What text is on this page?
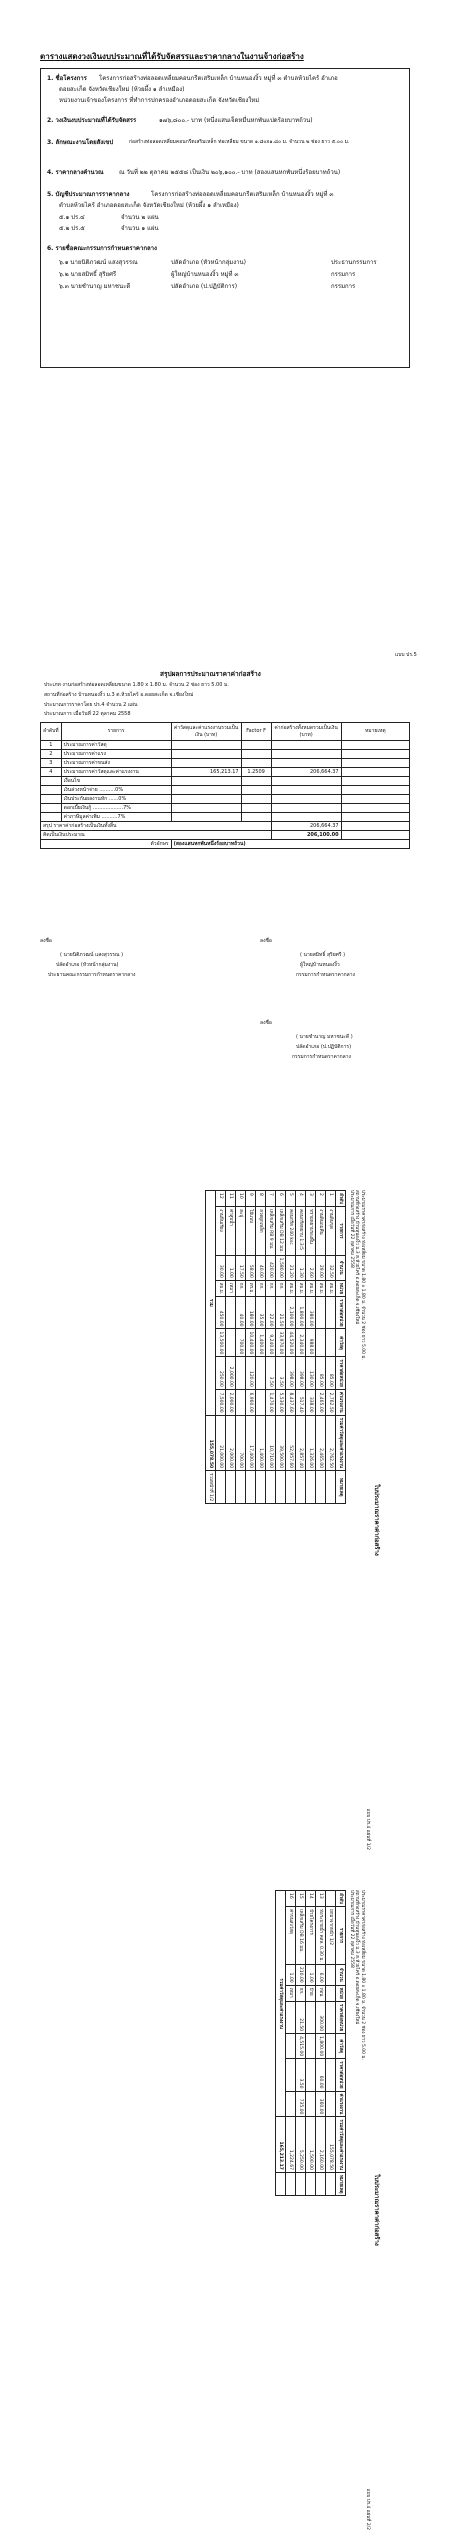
ตารางแสดงวงเงินงบประมาณที่ได้รับจัดสรรและราคากลางในงานจ้างก่อสร้าง
1. ชื่อโครงการ โครงการก่อสร้างท่อลอดเหลี่ยมคอนกรีตเสริมเหล็ก บ้านหนองงิ้ว หมู่ที่ ๓ ตำบลห้วยไคร้ อำเภอ
ดอยสะเก็ด จังหวัดเชียงใหม่ (ห้วยผึ้ง ๑ ลำเหมือง)
หน่วยงานเจ้าของโครงการ ที่ทำการปกครองอำเภอดอยสะเก็ด จังหวัดเชียงใหม่
2. วงเงินงบประมาณที่ได้รับจัดสรร	๑๗๖,๘๐๐.- บาท (หนึ่งแสนเจ็ดหมื่นหกพันแปดร้อยบาทถ้วน)
3. ลักษณะงานโดยสังเขป	ก่อสร้างท่อลอดเหลี่ยมคอนกรีตเสริมเหล็ก ท่อเหลี่ยม ขนาด ๑.๘๐x๑.๘๐ ม. จำนวน ๒ ช่อง ยาว ๕.๐๐ ม.
4. ราคากลางคำนวณ	ณ วันที่ ๒๒ ตุลาคม ๒๕๕๘ เป็นเงิน ๒๐๖,๑๐๐.- บาท (สองแสนหกพันหนึ่งร้อยบาทถ้วน)
5. บัญชีประมาณการราคากลาง	โครงการก่อสร้างท่อลอดเหลี่ยมคอนกรีตเสริมเหล็ก บ้านหนองงิ้ว หมู่ที่ ๓
ตำบลห้วยไคร้ อำเภอดอยสะเก็ด จังหวัดเชียงใหม่ (ห้วยผึ้ง ๑ ลำเหมือง)
๕.๑ ปร.๔	จำนวน ๒ แผ่น
๕.๒ ปร.๕	จำนวน ๑ แผ่น
6. รายชื่อคณะกรรมการกำหนดราคากลาง
๖.๑ นายนิติภวฒน์ แสงสุวรรณ	ปลัดอำเภอ (หัวหน้ากลุ่มงาน)	ประธานกรรมการ
๖.๒ นายสมิทธิ์ สุริยศรี	ผู้ใหญ่บ้านหนองงิ้ว หมู่ที่ ๓	กรรมการ
๖.๓ นายชำนาญ มหาชนะดี	ปลัดอำเภอ (ป.ปฏิบัติการ)	กรรมการ
แบบ ปร.5
สรุปผลการประมาณราคาค่าก่อสร้าง
ประเภท งานก่อสร้างท่อลอดเหลี่ยมขนาด 1.80 x 1.80 ม. จำนวน 2 ช่อง ยาว 5.00 ม.
สถานที่ก่อสร้าง บ้านหนองงิ้ว ม.3 ต.ห้วยไคร้ อ.ดอยสะเก็ด จ.เชียงใหม่
ประมาณการราคาโดย ปร.4 จำนวน 2 แผ่น
ประมาณการ เมื่อวันที่ 22 ตุลาคม 2558
ลำดับที่	รายการ	ค่าวัสดุและค่าแรงงานรวมเป็นเงิน (บาท)	Factor F	ค่าก่อสร้างทั้งหมดรวมเป็นเงิน (บาท)	หมายเหตุ
1	ประมาณการค่าวัสดุ				
2	ประมาณการค่าแรง				
3	ประมาณการค่าขนส่ง				
4	ประมาณการค่าวัสดุและค่าแรงงาน	165,213.17	1.2509	206,664.37	
	เงื่อนไข				
	เงินล่วงหน้าจ่าย ..........0%				
	เงินประกันผลงานหัก ......0%				
	ดอกเบี้ยเงินกู้ ...................7%				
	ค่าภาษีมูลค่าเพิ่ม ..........7%				
สรุป ราคาค่าก่อสร้างเป็นเงินทั้งสิ้น				206,664.37	
คิดเป็นเงินประมาณ				206,100.00	
ตัวอักษร		(สองแสนหกพันหนึ่งร้อยบาทถ้วน)			
ลงชื่อ
( นายนิติภวฒน์ แสงสุวรรณ )
ปลัดอำเภอ (หัวหน้ากลุ่มงาน)
ประธานคณะกรรมการกำหนดราคากลาง
ลงชื่อ
( นายสมิทธิ์ สุริยศรี )
ผู้ใหญ่บ้านหนองงิ้ว
กรรมการกำหนดราคากลาง
ลงชื่อ
( นายชำนาญ มหาชนะดี )
ปลัดอำเภอ (ป.ปฏิบัติการ)
กรรมการกำหนดราคากลาง
ใบประมาณราคาค่าก่อสร้าง
แบบ ปร.4 แผ่นที่ 1/2
ประมาณราคาค่าก่อสร้าง ท่อเหลี่ยม ขนาด 1.80 x 1.80 ม. จำนวน 2 ช่อง ยาว 5.00 ม.
สถานที่ก่อสร้าง บ้านหนองงิ้ว ม.3 ต.ห้วยไคร้ อ.ดอยสะเก็ด จ.เชียงใหม่
ประมาณการ เมื่อวันที่ 22 ตุลาคม 2558
ลำดับ	รายการ	จำนวน	หน่วย	ราคาต่อหน่วย	ค่าวัสดุ	ราคาต่อหน่วย	ค่าแรงงาน	รวมค่าวัสดุและค่าแรงงาน	หมายเหตุ
1	งานดินขุด	32.50	ลบ.ม.			85.00	2,762.50	2,762.50	
2	งานดินถมคืน	29.00	ลบ.ม.			85.00	2,465.00	2,465.00	
3	ทรายหยาบรองพื้น	2.60	ลบ.ม.	380.00	988.00	130.00	338.00	1,326.00	
4	คอนกรีตหยาบ 1:3:5	1.30	ลบ.ม.	1,800.00	2,340.00	398.00	517.40	2,857.40	
5	คอนกรีต 240 ksc	21.20	ลบ.ม.	2,100.00	44,520.00	398.00	8,437.60	52,957.60	
6	เหล็กเสริม DB 12 มม.	1,580.00	กก.	21.50	33,970.00	3.50	5,530.00	39,500.00	
7	เหล็กเสริม RB 9 มม.	420.00	กก.	22.00	9,240.00	3.50	1,470.00	10,710.00	
8	ลวดผูกเหล็ก	40.00	กก.	35.00	1,400.00			1,400.00	
9	ไม้แบบ	58.00	ตร.ม.	180.00	10,440.00	120.00	6,960.00	17,400.00	
10	ตะปู	17.50	กก.	40.00	700.00			700.00	
11	ค่าสูบน้ำ	1.00	เหมา			2,000.00	2,000.00	2,000.00	
12	งานหินเรียง	30.00	ลบ.ม.	450.00	13,500.00	250.00	7,500.00	21,000.00	
รวม								155,078.50	รวมหน้าที่ 1/2
ใบประมาณราคาค่าก่อสร้าง
แบบ ปร.4 แผ่นที่ 2/2
ประมาณราคาค่าก่อสร้าง ท่อเหลี่ยม ขนาด 1.80 x 1.80 ม. จำนวน 2 ช่อง ยาว 5.00 ม.
สถานที่ก่อสร้าง บ้านหนองงิ้ว ม.3 ต.ห้วยไคร้ อ.ดอยสะเก็ด จ.เชียงใหม่
ประมาณการ เมื่อวันที่ 22 ตุลาคม 2558
ลำดับ	รายการ	จำนวน	หน่วย	ราคาต่อหน่วย	ค่าวัสดุ	ราคาต่อหน่วย	ค่าแรงงาน	รวมค่าวัสดุและค่าแรงงาน	หมายเหตุ
	ยกมาจากหน้า 1/2							155,078.50	
13	ท่อระบายน้ำ คสล. 0.30 ม.	6.00	ท่อน	300.00	1,800.00	60.00	360.00	2,160.00	
14	ป้ายโครงการ	1.00	ป้าย					1,500.00	
15	เหล็กเสริม DB 16 มม.	210.00	กก.	21.50	4,515.00	3.50	735.00	5,250.00	
16	ค่าขนส่งวัสดุ	1.00	เหมา					1,224.67	
รวมค่าวัสดุและค่าแรงงาน								165,213.17	
